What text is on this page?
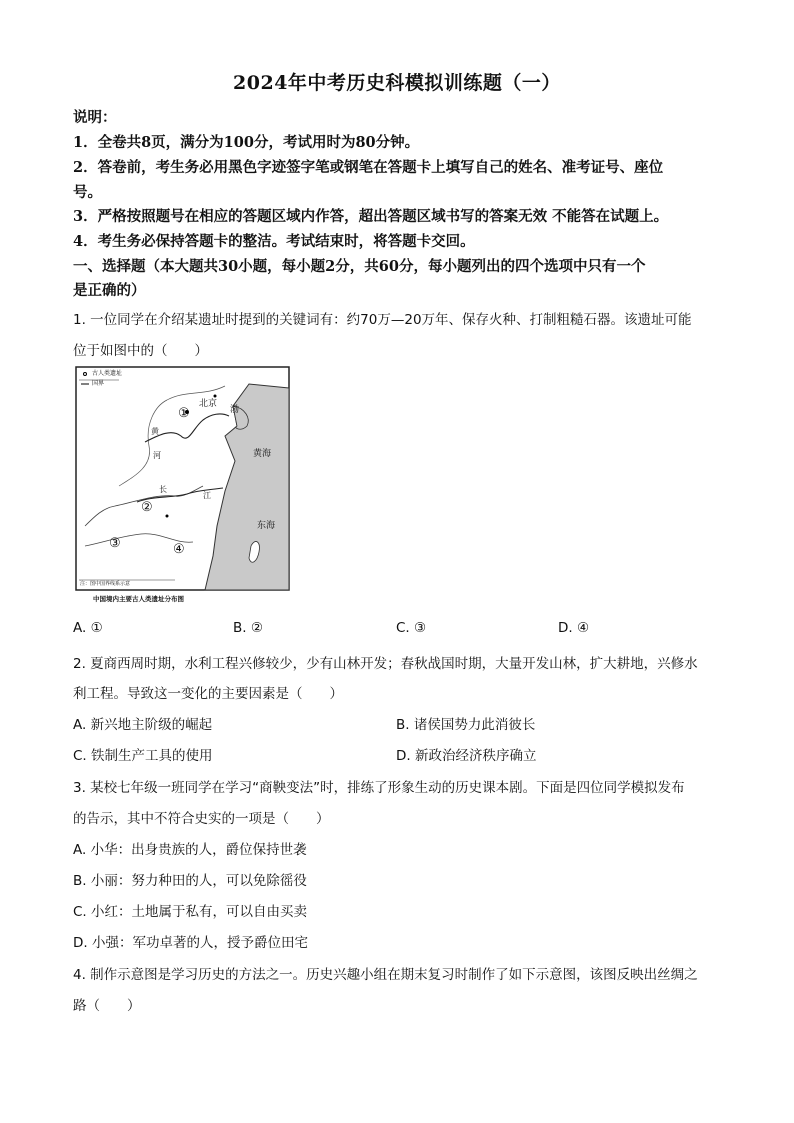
2024年中考历史科模拟训练题（一）
说明：
1．全卷共8页，满分为100分，考试用时为80分钟。
2．答卷前，考生务必用黑色字迹签字笔或钢笔在答题卡上填写自己的姓名、准考证号、座位
号。
3．严格按照题号在相应的答题区域内作答，超出答题区域书写的答案无效 不能答在试题上。
4．考生务必保持答题卡的整洁。考试结束时，将答题卡交回。
一、选择题（本大题共30小题，每小题2分，共60分，每小题列出的四个选项中只有一个
是正确的）
1. 一位同学在介绍某遗址时提到的关键词有：约70万—20万年、保存火种、打制粗糙石器。该遗址可能
位于如图中的（　　）
古人类遗址
国界
北京
①	渤
黄
河	黄海
长
江
②
东海
③	④
注：图中国界线系示意
中国境内主要古人类遗址分布图
A. ①	B. ②	C. ③	D. ④
2. 夏商西周时期，水利工程兴修较少，少有山林开发；春秋战国时期，大量开发山林，扩大耕地，兴修水
利工程。导致这一变化的主要因素是（　　）
A. 新兴地主阶级的崛起	B. 诸侯国势力此消彼长
C. 铁制生产工具的使用	D. 新政治经济秩序确立
3. 某校七年级一班同学在学习“商鞅变法”时，排练了形象生动的历史课本剧。下面是四位同学模拟发布
的告示，其中不符合史实的一项是（　　）
A. 小华：出身贵族的人，爵位保持世袭
B. 小丽：努力种田的人，可以免除徭役
C. 小红：土地属于私有，可以自由买卖
D. 小强：军功卓著的人，授予爵位田宅
4. 制作示意图是学习历史的方法之一。历史兴趣小组在期末复习时制作了如下示意图，该图反映出丝绸之
路（　　）
